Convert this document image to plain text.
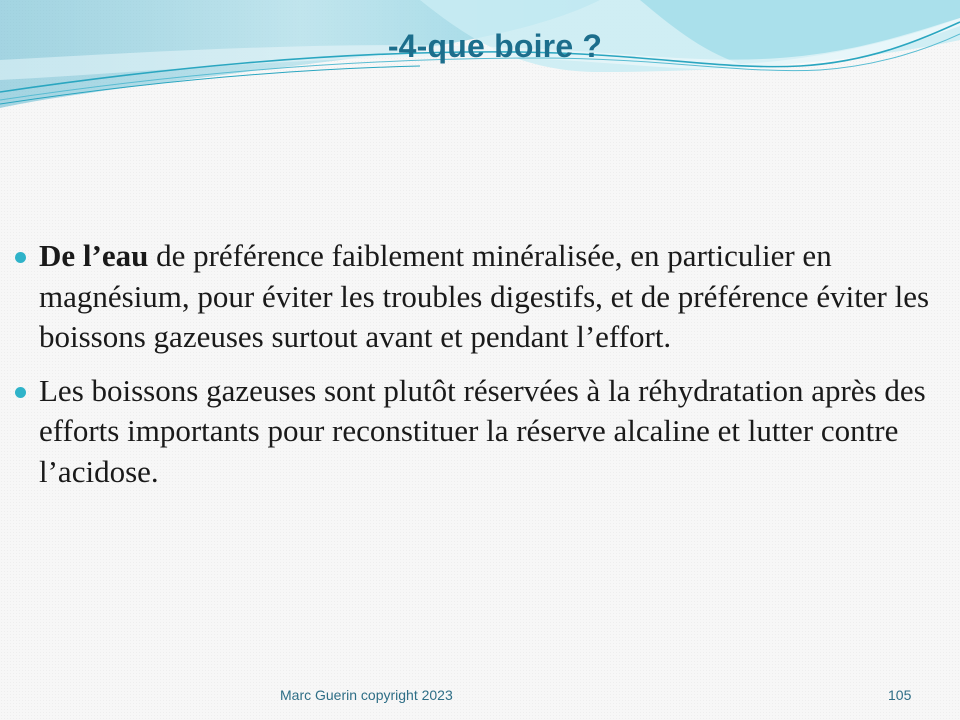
-4-que boire ?
De l’eau de préférence faiblement minéralisée, en particulier en magnésium, pour éviter les troubles digestifs, et de préférence éviter les boissons gazeuses surtout avant et pendant l’effort.
Les boissons gazeuses sont plutôt réservées à la réhydratation après des efforts importants pour reconstituer la réserve alcaline et lutter contre l’acidose.
Marc Guerin copyright 2023	105
